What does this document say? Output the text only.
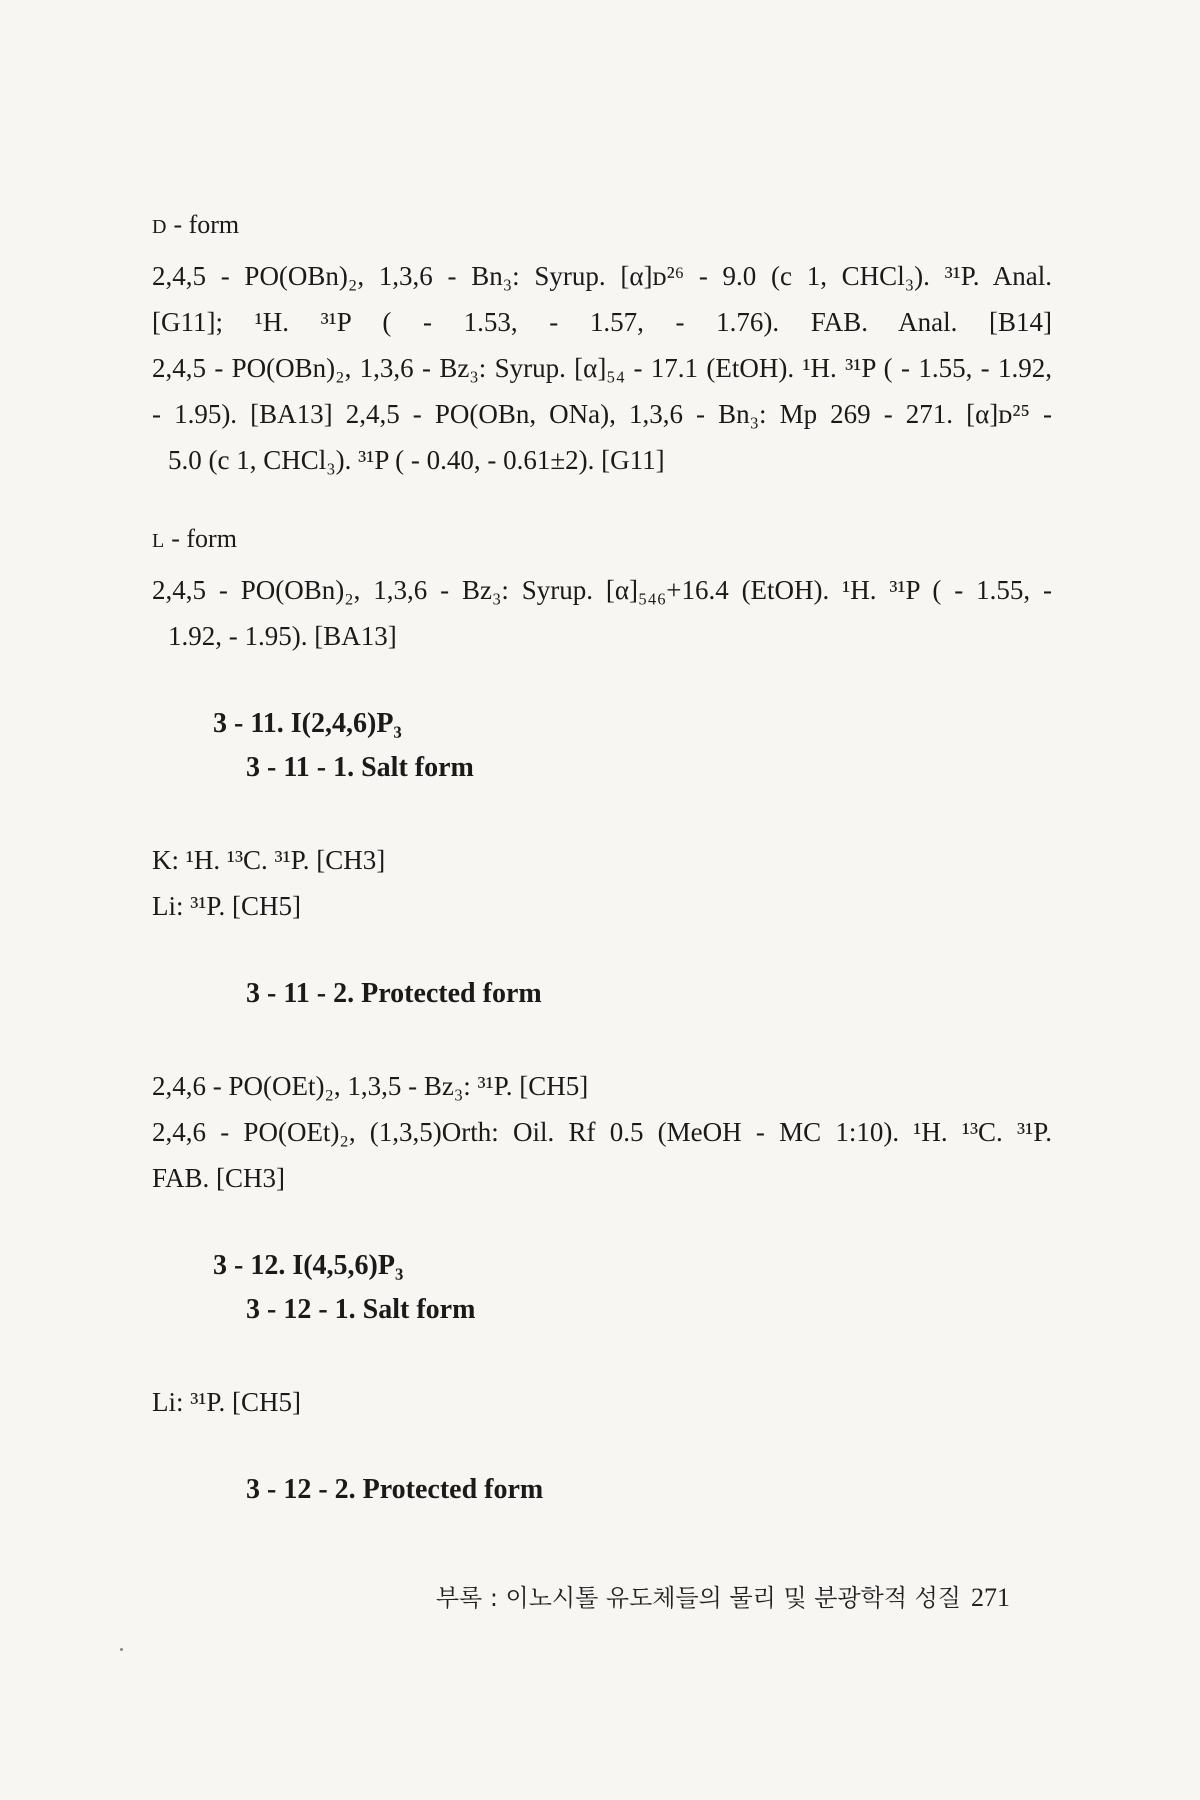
D - form
2,4,5 - PO(OBn)₂, 1,3,6 - Bn₃: Syrup. [α]ᴅ²⁶ - 9.0 (c 1, CHCl₃). ³¹P. Anal.
[G11]; ¹H. ³¹P ( - 1.53, - 1.57, - 1.76). FAB. Anal. [B14]
2,4,5 - PO(OBn)₂, 1,3,6 - Bz₃: Syrup. [α]₅₄ - 17.1 (EtOH). ¹H. ³¹P ( - 1.55, - 1.92,
- 1.95). [BA13] 2,4,5 - PO(OBn, ONa), 1,3,6 - Bn₃: Mp 269 - 271. [α]ᴅ²⁵ -
5.0 (c 1, CHCl₃). ³¹P ( - 0.40, - 0.61±2). [G11]
L - form
2,4,5 - PO(OBn)₂, 1,3,6 - Bz₃: Syrup. [α]₅₄₆+16.4 (EtOH). ¹H. ³¹P ( - 1.55, -
1.92, - 1.95). [BA13]
3 - 11. I(2,4,6)P₃
3 - 11 - 1. Salt form
K: ¹H. ¹³C. ³¹P. [CH3]
Li: ³¹P. [CH5]
3 - 11 - 2. Protected form
2,4,6 - PO(OEt)₂, 1,3,5 - Bz₃: ³¹P. [CH5]
2,4,6 - PO(OEt)₂, (1,3,5)Orth: Oil. Rf 0.5 (MeOH - MC 1:10). ¹H. ¹³C. ³¹P.
FAB. [CH3]
3 - 12. I(4,5,6)P₃
3 - 12 - 1. Salt form
Li: ³¹P. [CH5]
3 - 12 - 2. Protected form
부록 : 이노시톨 유도체들의 물리 및 분광학적 성질 271
